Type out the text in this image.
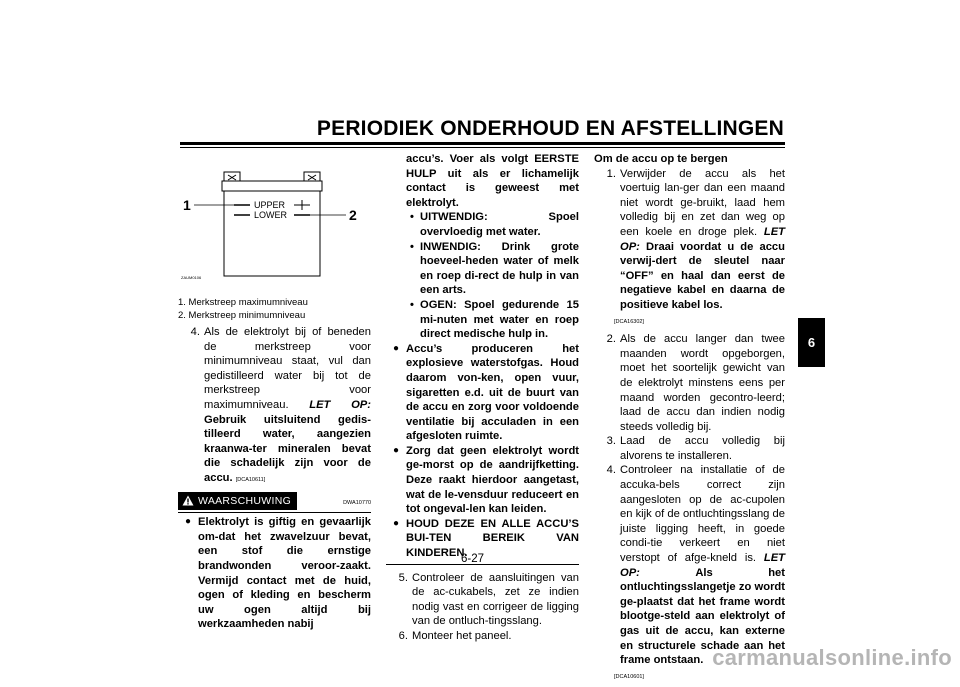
PERIODIEK ONDERHOUD EN AFSTELLINGEN
UPPER
LOWER
1
2
ZAUM0106
1. Merkstreep maximumniveau
2. Merkstreep minimumniveau
4. Als de elektrolyt bij of beneden de merkstreep voor minimumniveau staat, vul dan gedistilleerd water bij tot de merkstreep voor maximumniveau. LET OP: Gebruik uitsluitend gedis-tilleerd water, aangezien kraanwa-ter mineralen bevat die schadelijk zijn voor de accu. [DCA10611]
WAARSCHUWING	DWA10770
● Elektrolyt is giftig en gevaarlijk om-dat het zwavelzuur bevat, een stof die ernstige brandwonden veroor-zaakt. Vermijd contact met de huid, ogen of kleding en bescherm uw ogen altijd bij werkzaamheden nabij
accu’s. Voer als volgt EERSTE HULP uit als er lichamelijk contact is geweest met elektrolyt.
• UITWENDIG: Spoel overvloedig met water.
• INWENDIG: Drink grote hoeveel-heden water of melk en roep di-rect de hulp in van een arts.
• OGEN: Spoel gedurende 15 mi-nuten met water en roep direct medische hulp in.
● Accu’s produceren het explosieve waterstofgas. Houd daarom von-ken, open vuur, sigaretten e.d. uit de buurt van de accu en zorg voor voldoende ventilatie bij acculaden in een afgesloten ruimte.
● Zorg dat geen elektrolyt wordt ge-morst op de aandrijfketting. Deze raakt hierdoor aangetast, wat de le-vensduur reduceert en tot ongeval-len kan leiden.
● HOUD DEZE EN ALLE ACCU’S BUI-TEN BEREIK VAN KINDEREN.
5. Controleer de aansluitingen van de ac-cukabels, zet ze indien nodig vast en corrigeer de ligging van de ontluch-tingsslang.
6. Monteer het paneel.
Om de accu op te bergen
1. Verwijder de accu als het voertuig lan-ger dan een maand niet wordt ge-bruikt, laad hem volledig bij en zet dan weg op een koele en droge plek. LET OP: Draai voordat u de accu verwij-dert de sleutel naar “OFF” en haal dan eerst de negatieve kabel en daarna de positieve kabel los.
[DCA16302]
2. Als de accu langer dan twee maanden wordt opgeborgen, moet het soortelijk gewicht van de elektrolyt minstens eens per maand worden gecontro-leerd; laad de accu dan indien nodig steeds volledig bij.
3. Laad de accu volledig bij alvorens te installeren.
4. Controleer na installatie of de accuka-bels correct zijn aangesloten op de ac-cupolen en kijk of de ontluchtingsslang de juiste ligging heeft, in goede condi-tie verkeert en niet verstopt of afge-kneld is. LET OP:	Als het ontluchtingsslangetje zo wordt ge-plaatst dat het frame wordt blootge-steld aan elektrolyt of gas uit de accu, kan externe en structurele schade aan het frame ontstaan.
[DCA10601]
6
6-27
carmanualsonline.info
